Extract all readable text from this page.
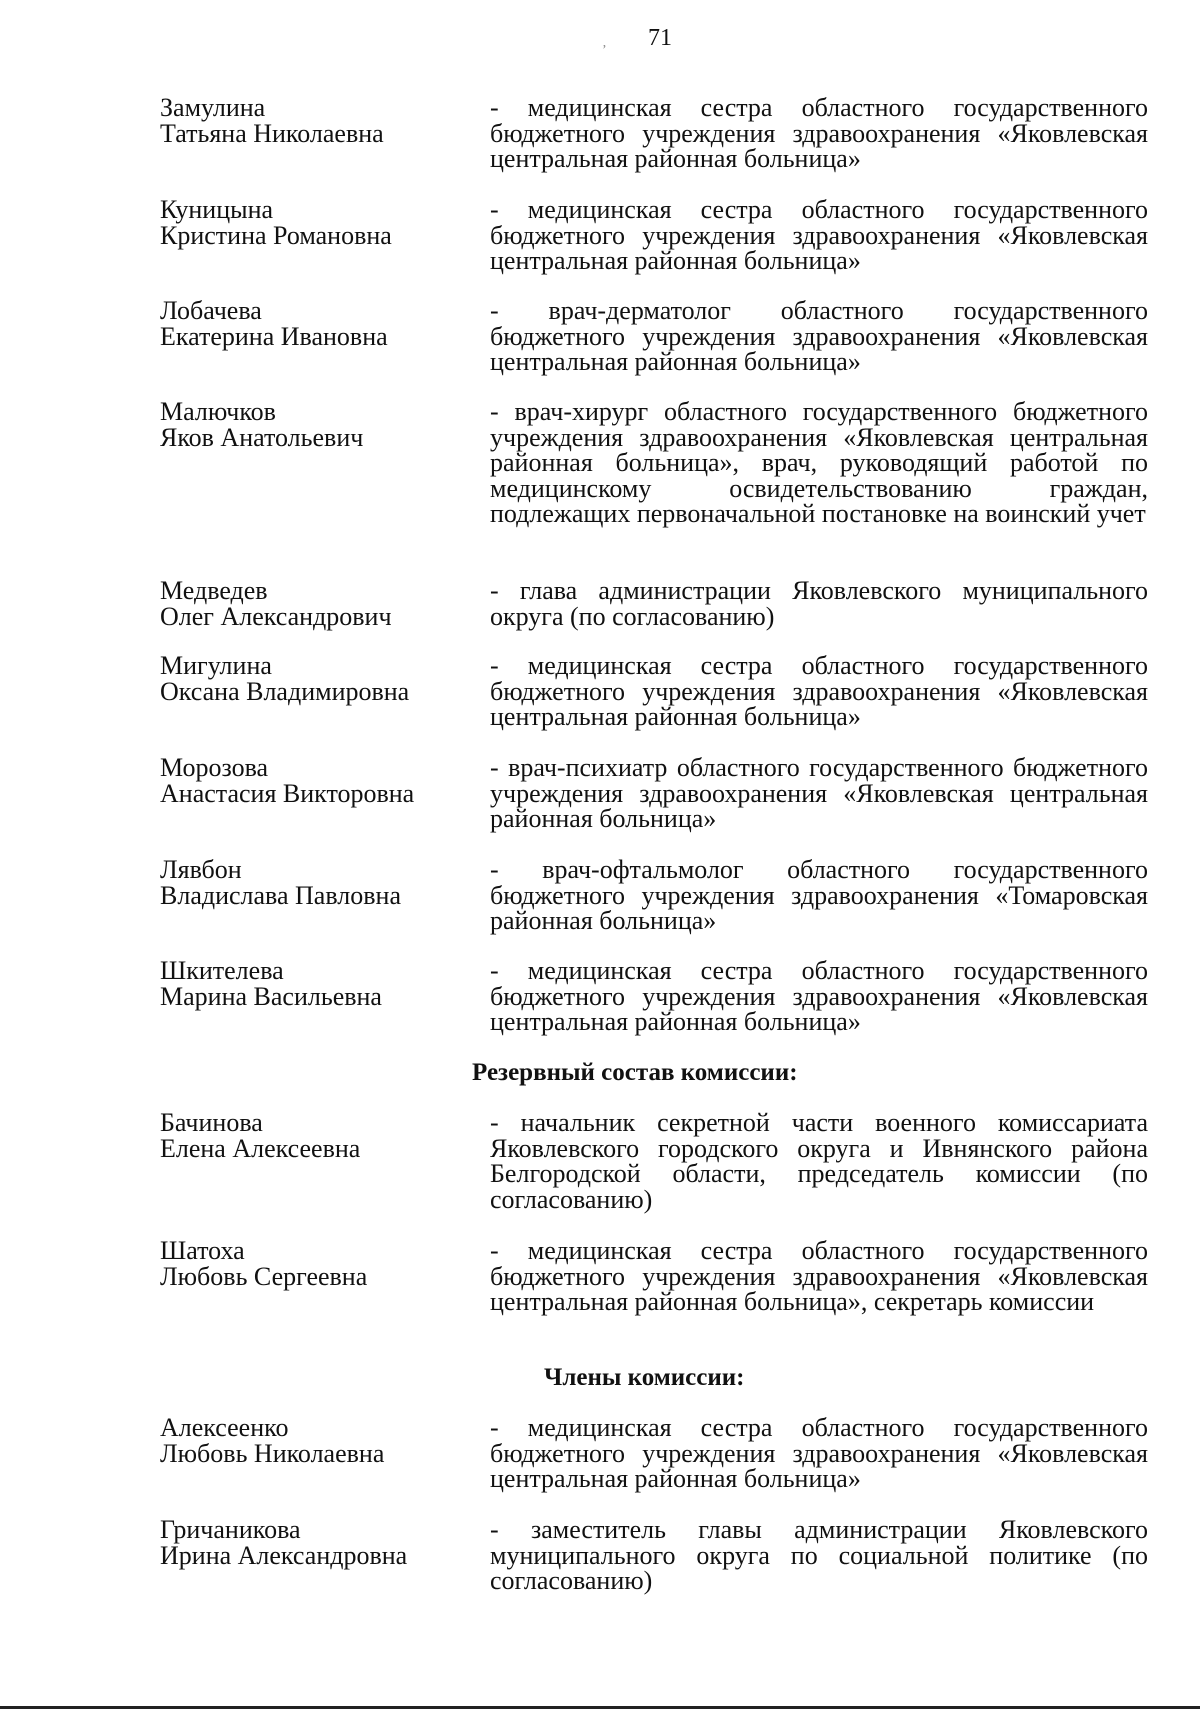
71
ʼ
Замулина
Татьяна Николаевна
- медицинская сестра областного государственного бюджетного учреждения здравоохранения «Яковлевская центральная районная больница»
Куницына
Кристина Романовна
- медицинская сестра областного государственного бюджетного учреждения здравоохранения «Яковлевская центральная районная больница»
Лобачева
Екатерина Ивановна
- врач-дерматолог областного государственного бюджетного учреждения здравоохранения «Яковлевская центральная районная больница»
Малючков
Яков Анатольевич
- врач-хирург областного государственного бюджетного учреждения здравоохранения «Яковлевская центральная районная больница», врач, руководящий работой по медицинскому освидетельствованию граждан, подлежащих первоначальной постановке на воинский учет
Медведев
Олег Александрович
- глава администрации Яковлевского муниципального округа (по согласованию)
Мигулина
Оксана Владимировна
- медицинская сестра областного государственного бюджетного учреждения здравоохранения «Яковлевская центральная районная больница»
Морозова
Анастасия Викторовна
- врач-психиатр областного государственного бюджетного учреждения здравоохранения «Яковлевская центральная районная больница»
Лявбон
Владислава Павловна
- врач-офтальмолог областного государственного бюджетного учреждения здравоохранения «Томаровская районная больница»
Шкителева
Марина Васильевна
- медицинская сестра областного государственного бюджетного учреждения здравоохранения «Яковлевская центральная районная больница»
Резервный состав комиссии:
Бачинова
Елена Алексеевна
- начальник секретной части военного комиссариата Яковлевского городского округа и Ивнянского района Белгородской области, председатель комиссии (по согласованию)
Шатоха
Любовь Сергеевна
- медицинская сестра областного государственного бюджетного учреждения здравоохранения «Яковлевская центральная районная больница», секретарь комиссии
Члены комиссии:
Алексеенко
Любовь Николаевна
- медицинская сестра областного государственного бюджетного учреждения здравоохранения «Яковлевская центральная районная больница»
Гричаникова
Ирина Александровна
- заместитель главы администрации Яковлевского муниципального округа по социальной политике (по согласованию)
